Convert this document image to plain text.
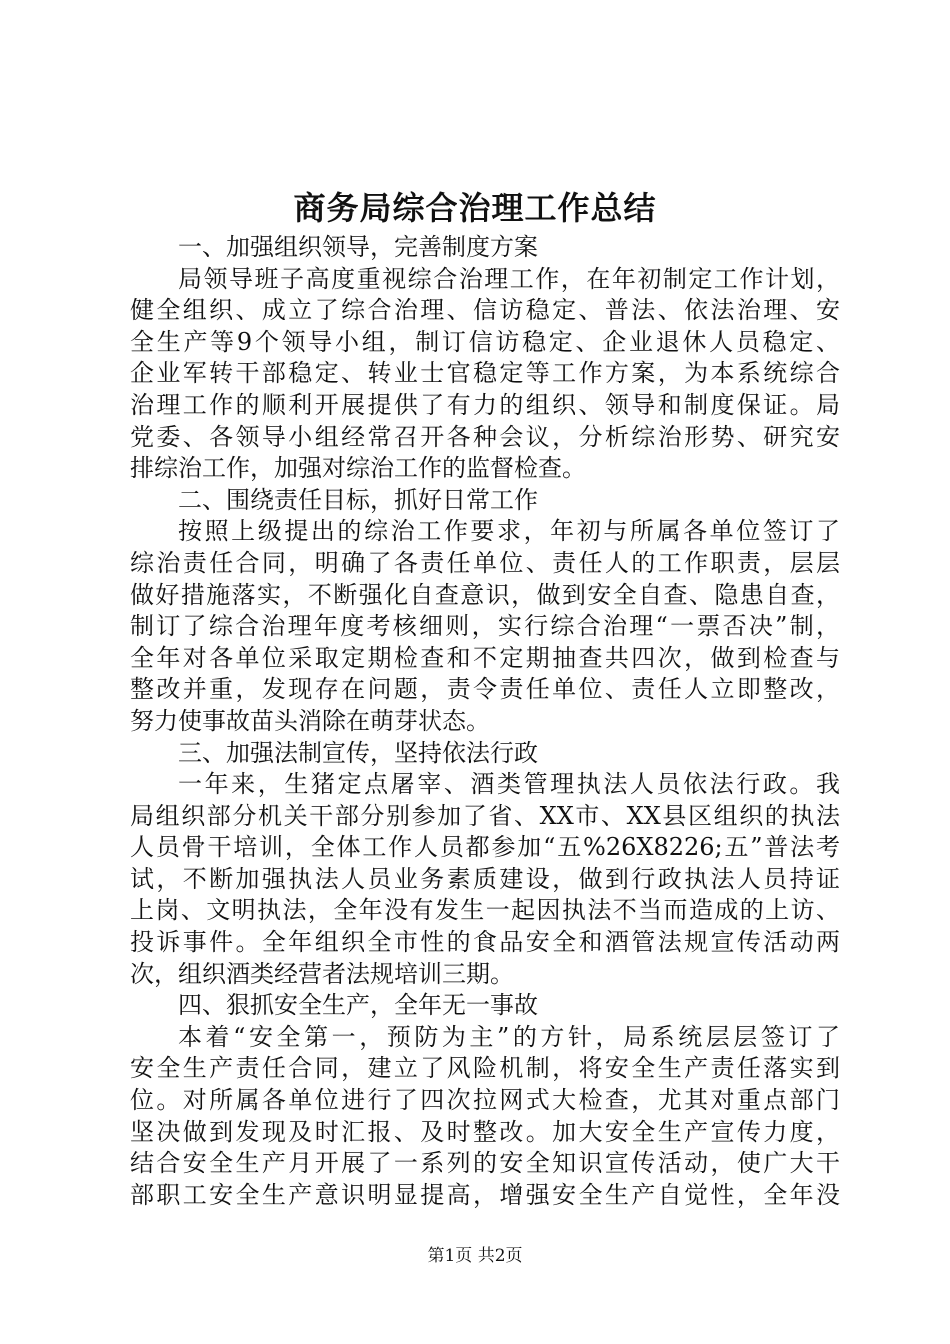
商务局综合治理工作总结
一、加强组织领导，完善制度方案
局领导班子高度重视综合治理工作，在年初制定工作计划，
健全组织、成立了综合治理、信访稳定、普法、依法治理、安
全生产等9个领导小组，制订信访稳定、企业退休人员稳定、
企业军转干部稳定、转业士官稳定等工作方案，为本系统综合
治理工作的顺利开展提供了有力的组织、领导和制度保证。局
党委、各领导小组经常召开各种会议，分析综治形势、研究安
排综治工作，加强对综治工作的监督检查。
二、围绕责任目标，抓好日常工作
按照上级提出的综治工作要求，年初与所属各单位签订了
综治责任合同，明确了各责任单位、责任人的工作职责，层层
做好措施落实，不断强化自查意识，做到安全自查、隐患自查，
制订了综合治理年度考核细则，实行综合治理“一票否决”制，
全年对各单位采取定期检查和不定期抽查共四次，做到检查与
整改并重，发现存在问题，责令责任单位、责任人立即整改，
努力使事故苗头消除在萌芽状态。
三、加强法制宣传，坚持依法行政
一年来，生猪定点屠宰、酒类管理执法人员依法行政。我
局组织部分机关干部分别参加了省、XX市、XX县区组织的执法
人员骨干培训，全体工作人员都参加“五%26X8226;五”普法考
试，不断加强执法人员业务素质建设，做到行政执法人员持证
上岗、文明执法，全年没有发生一起因执法不当而造成的上访、
投诉事件。全年组织全市性的食品安全和酒管法规宣传活动两
次，组织酒类经营者法规培训三期。
四、狠抓安全生产，全年无一事故
本着“安全第一，预防为主”的方针，局系统层层签订了
安全生产责任合同，建立了风险机制，将安全生产责任落实到
位。对所属各单位进行了四次拉网式大检查，尤其对重点部门
坚决做到发现及时汇报、及时整改。加大安全生产宣传力度，
结合安全生产月开展了一系列的安全知识宣传活动，使广大干
部职工安全生产意识明显提高，增强安全生产自觉性，全年没
第1页 共2页
